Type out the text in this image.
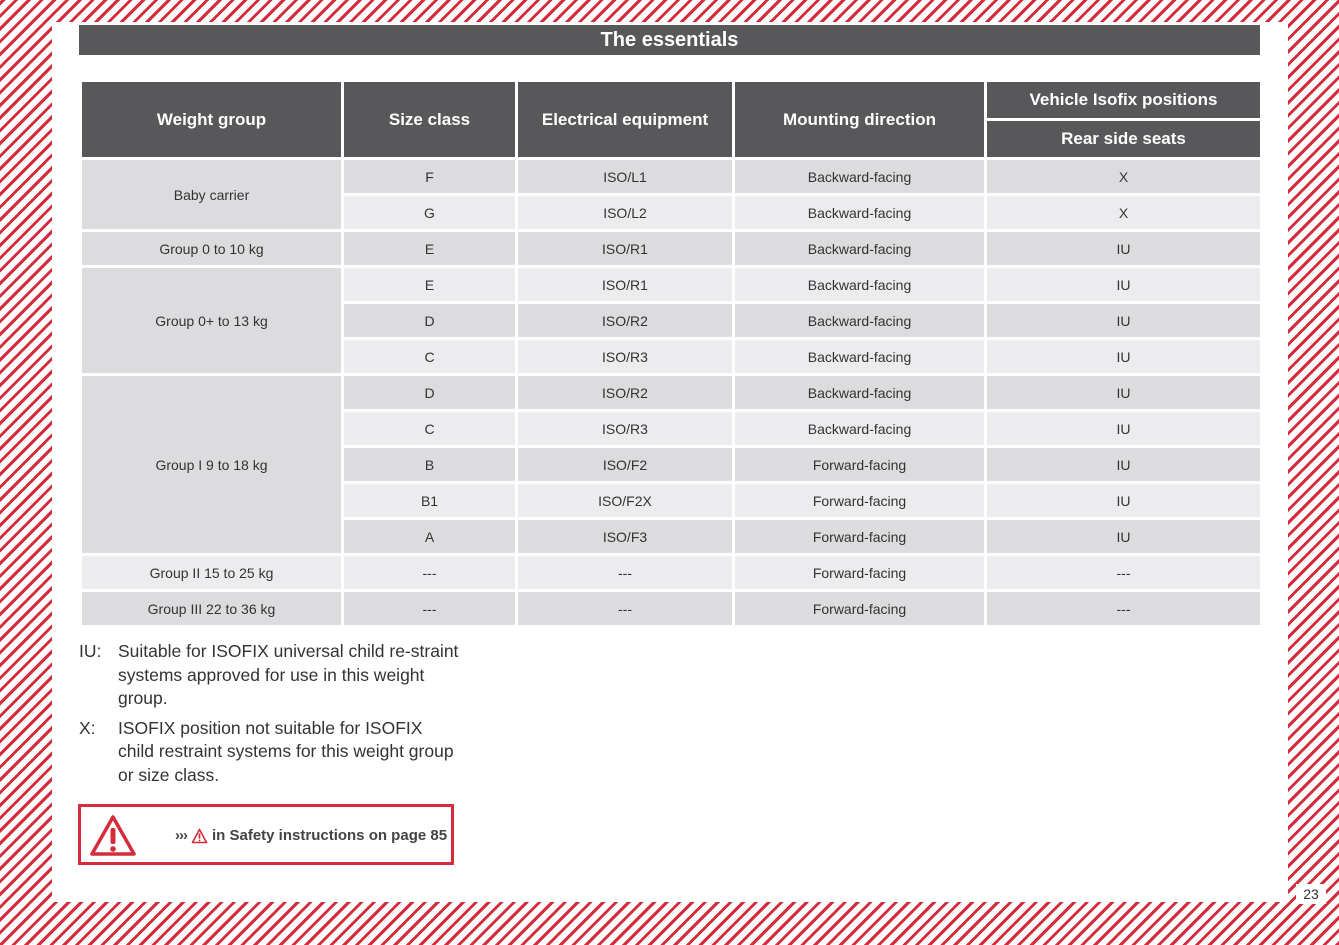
The essentials
Weight group	Size class	Electrical equipment	Mounting direction	Vehicle Isofix positions
				Rear side seats
Baby carrier	F	ISO/L1	Backward-facing	X
	G	ISO/L2	Backward-facing	X
Group 0 to 10 kg	E	ISO/R1	Backward-facing	IU
Group 0+ to 13 kg	E	ISO/R1	Backward-facing	IU
	D	ISO/R2	Backward-facing	IU
	C	ISO/R3	Backward-facing	IU
Group I 9 to 18 kg	D	ISO/R2	Backward-facing	IU
	C	ISO/R3	Backward-facing	IU
	B	ISO/F2	Forward-facing	IU
	B1	ISO/F2X	Forward-facing	IU
	A	ISO/F3	Forward-facing	IU
Group II 15 to 25 kg	---	---	Forward-facing	---
Group III 22 to 36 kg	---	---	Forward-facing	---
IU: Suitable for ISOFIX universal child re-straint systems approved for use in this weight group.
X:	ISOFIX position not suitable for ISOFIX child restraint systems for this weight group or size class.
››› in Safety instructions on page 85
23
